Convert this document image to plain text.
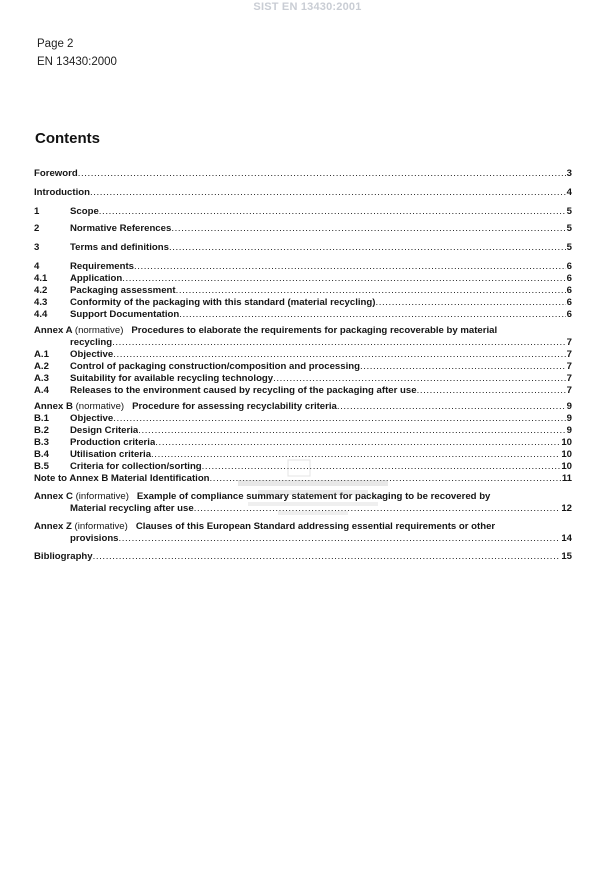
SIST EN 13430:2001
Page 2
EN 13430:2000
Contents
Foreword .....	3
Introduction .....	4
1	Scope .....	5
2	Normative References .....	5
3	Terms and definitions .....	5
4	Requirements .....	6
4.1	Application .....	6
4.2	Packaging assessment .....	6
4.3	Conformity of the packaging with this standard (material recycling) .....	6
4.4	Support Documentation .....	6
Annex A (normative) Procedures to elaborate the requirements for packaging recoverable by material
recycling .....	7
A.1	Objective .....	7
A.2	Control of packaging construction/composition and processing .....	7
A.3	Suitability for available recycling technology .....	7
A.4	Releases to the environment caused by recycling of the packaging after use .....	7
Annex B (normative) Procedure for assessing recyclability criteria .....	9
B.1	Objective .....	9
B.2	Design Criteria .....	9
B.3	Production criteria .....	10
B.4	Utilisation criteria .....	10
B.5	Criteria for collection/sorting .....	10
Note to Annex B Material Identification .....	11
Annex C (informative) Example of compliance summary statement for packaging to be recovered by
Material recycling after use .....	12
Annex Z (informative) Clauses of this European Standard addressing essential requirements or other
provisions .....	14
Bibliography .....	15
